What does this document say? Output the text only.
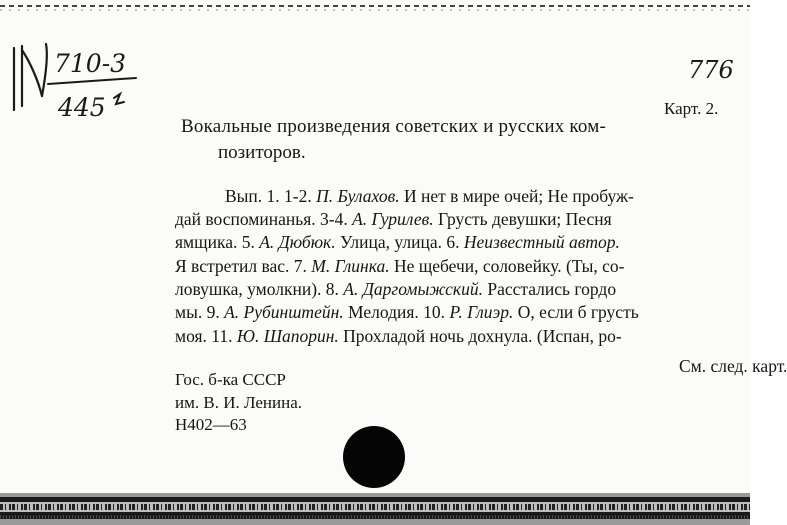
710-3
445
776
Карт. 2.
Вокальные произведения советских и русских ком-
позиторов.
Вып. 1. 1-2. П. Булахов. И нет в мире очей; Не пробуж-
дай воспоминанья. 3-4. А. Гурилев. Грусть девушки; Песня
ямщика. 5. А. Дюбюк. Улица, улица. 6. Неизвестный автор.
Я встретил вас. 7. М. Глинка. Не щебечи, соловейку. (Ты, со-
ловушка, умолкни). 8. А. Даргомыжский. Расстались гордо
мы. 9. А. Рубинштейн. Мелодия. 10. Р. Глиэр. О, если б грусть
моя. 11. Ю. Шапорин. Прохладой ночь дохнула. (Испан, ро-
См. след. карт.
Гос. б-ка СССР
им. В. И. Ленина.
Н402—63
